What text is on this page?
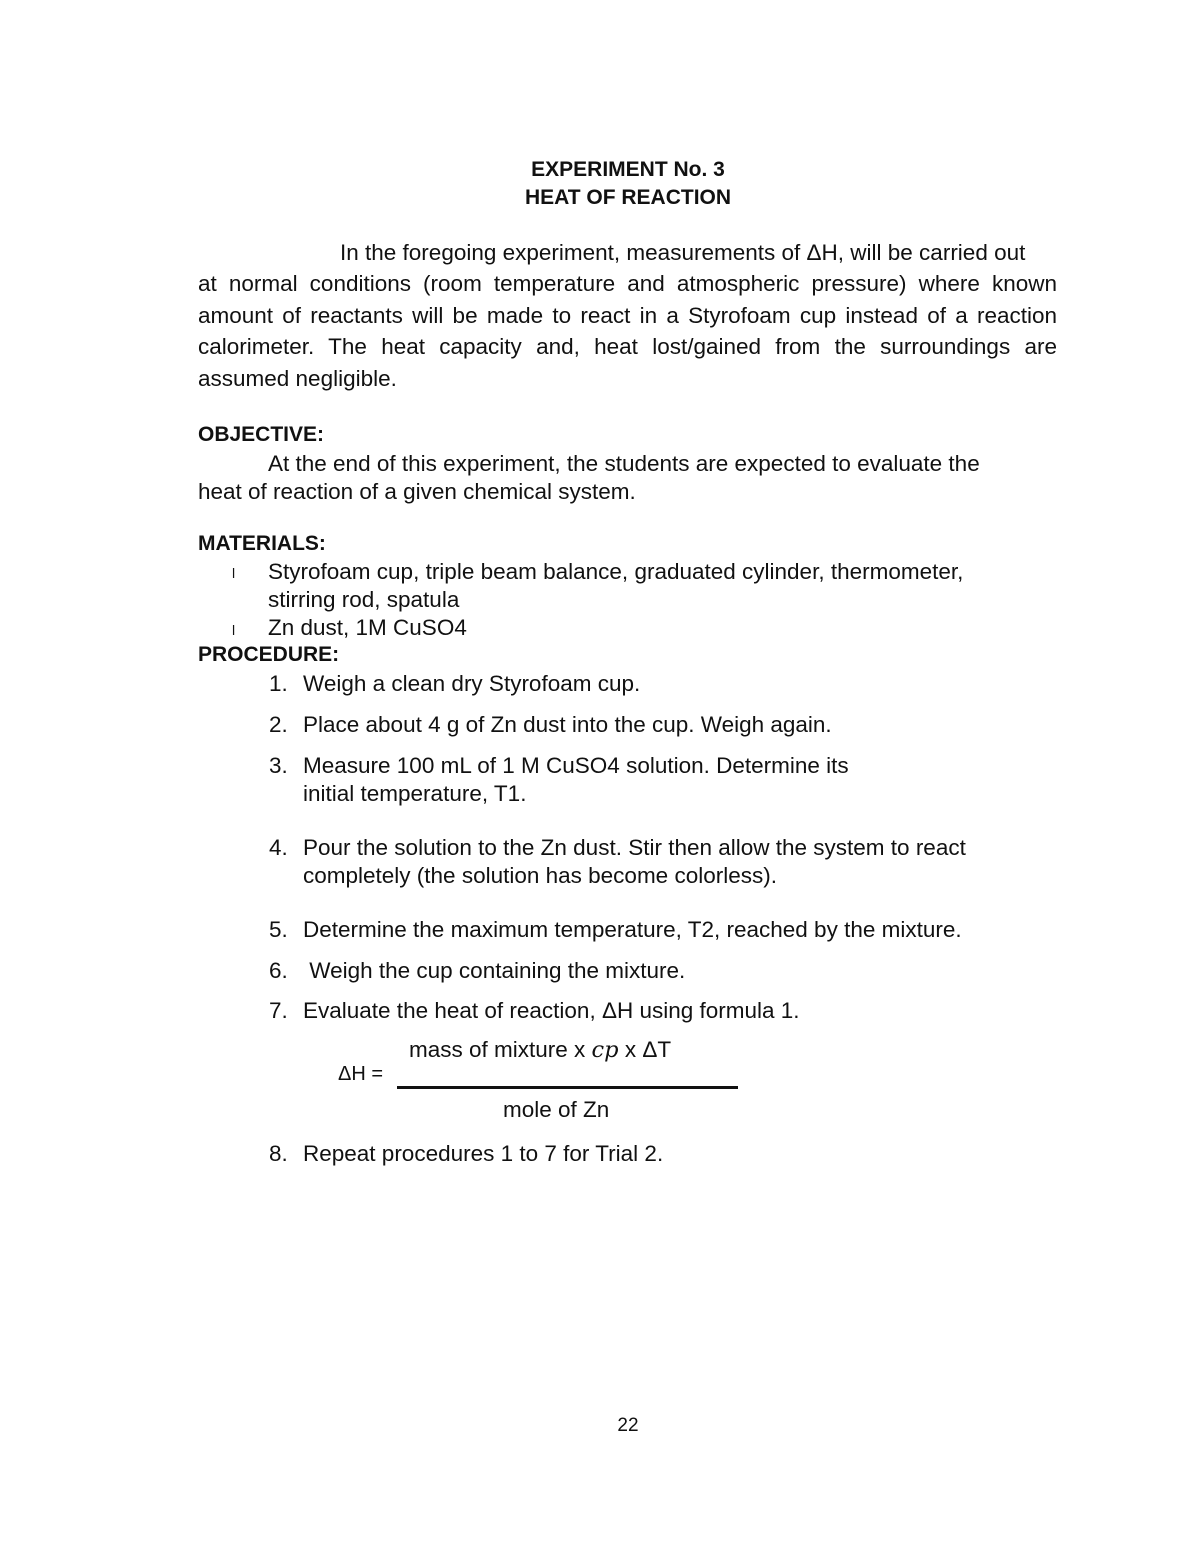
EXPERIMENT No. 3
HEAT OF REACTION
In the foregoing experiment, measurements of ΔH, will be carried out
at normal conditions (room temperature and atmospheric pressure) where known
amount of reactants will be made to react in a Styrofoam cup instead of a reaction
calorimeter. The heat capacity and, heat lost/gained from the surroundings are
assumed negligible.
OBJECTIVE:
At the end of this experiment, the students are expected to evaluate the
heat of reaction of a given chemical system.
MATERIALS:
l Styrofoam cup, triple beam balance, graduated cylinder, thermometer,
stirring rod, spatula
l Zn dust, 1M CuSO4
PROCEDURE:
1. Weigh a clean dry Styrofoam cup.
2. Place about 4 g of Zn dust into the cup. Weigh again.
3. Measure 100 mL of 1 M CuSO4 solution. Determine its
initial temperature, T1.
4. Pour the solution to the Zn dust. Stir then allow the system to react
completely (the solution has become colorless).
5. Determine the maximum temperature, T2, reached by the mixture.
6. Weigh the cup containing the mixture.
7. Evaluate the heat of reaction, ΔH using formula 1.
mass of mixture x cp x ΔT
ΔH =
mole of Zn
8. Repeat procedures 1 to 7 for Trial 2.
22
